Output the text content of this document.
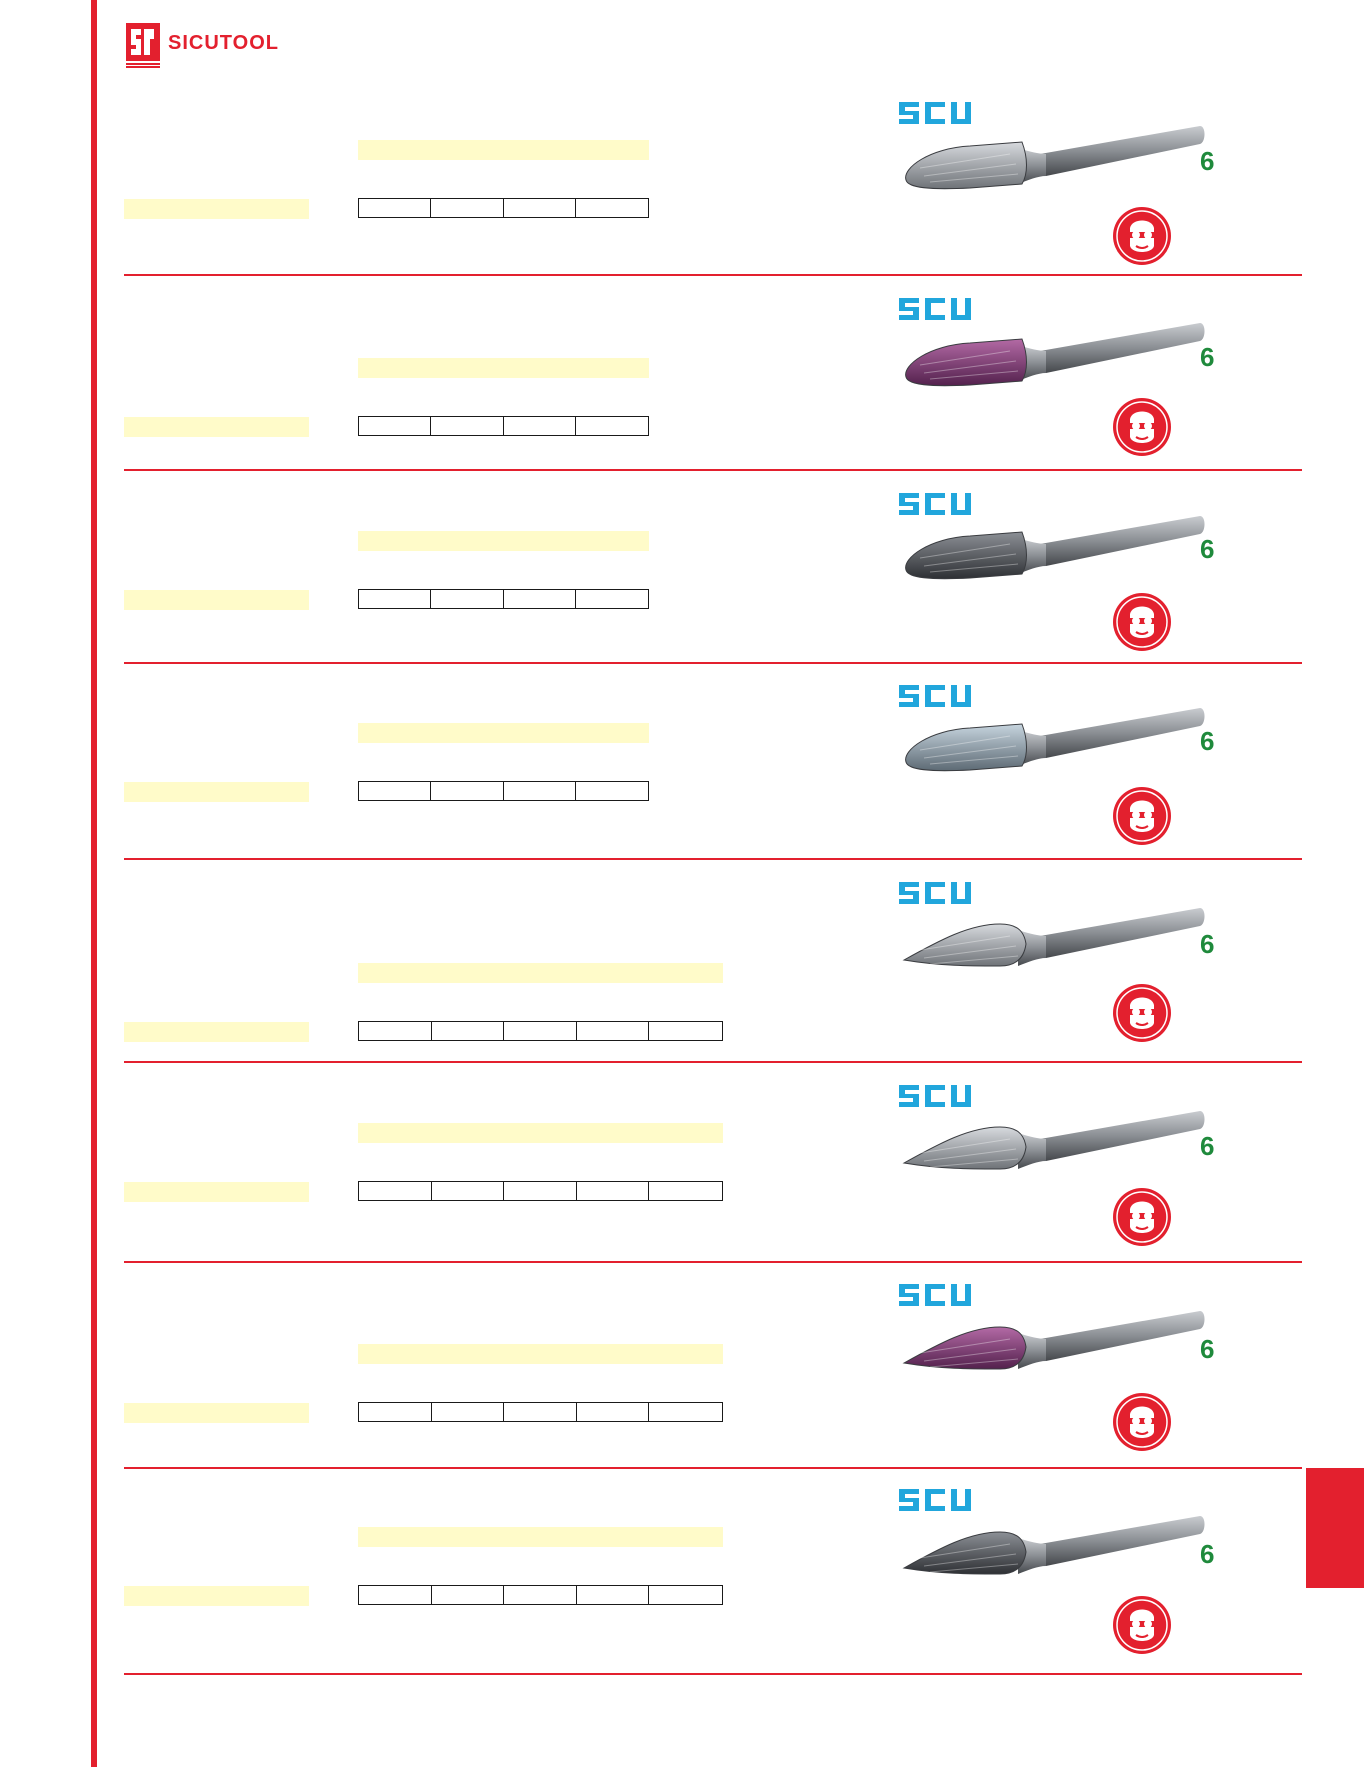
SICUTOOL
6
6
6
6
6
6
6
6
